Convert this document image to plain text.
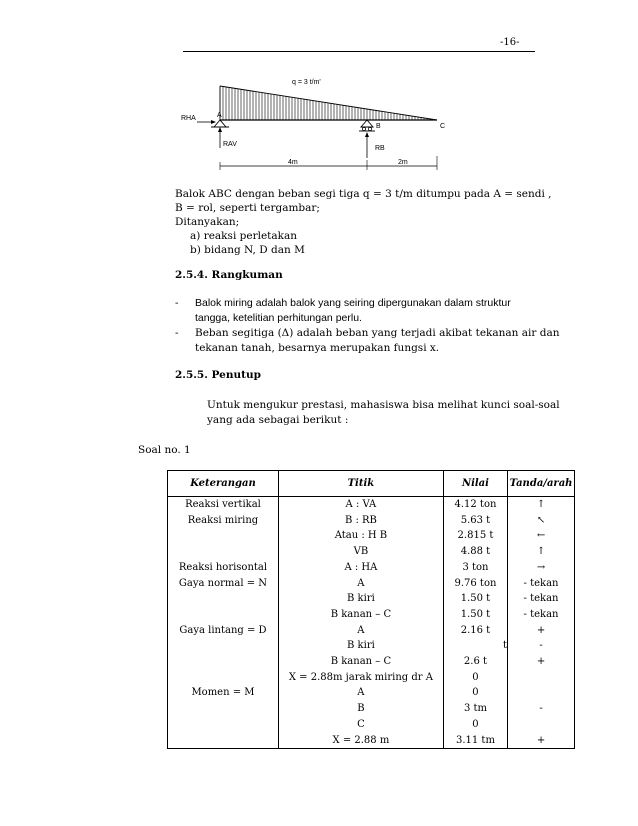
-16-
q = 3 t/m'
A
B	C
RHA
RAV
RB
4m	2m
Balok ABC dengan beban segi tiga q = 3 t/m ditumpu pada A = sendi ,
B = rol, seperti tergambar;
Ditanyakan;
a) reaksi perletakan
b) bidang N, D dan M
2.5.4. Rangkuman
- Balok miring adalah balok yang seiring dipergunakan dalam struktur
tangga, ketelitian perhitungan perlu.
- Beban segitiga (Δ) adalah beban yang terjadi akibat tekanan air dan
tekanan tanah, besarnya merupakan fungsi x.
2.5.5. Penutup
Untuk mengukur prestasi, mahasiswa bisa melihat kunci soal-soal
yang ada sebagai berikut :
Soal no. 1
Keterangan	Titik	Nilai	Tanda/arah
Reaksi vertikal	A : VA	4.12 ton	↑
Reaksi miring	B : RB	5.63 t	↖
	Atau : H B	2.815 t	←
	VB	4.88 t	↑
Reaksi horisontal	A : HA	3 ton	→

Gaya normal = N	A	9.76 ton	- tekan
	B kiri	1.50 t	- tekan
	B kanan – C	1.50 t	- tekan
Gaya lintang = D	A	2.16 t	+
	B kiri	t	-
	B kanan – C	2.6 t	+
	X = 2.88m jarak miring dr A	0	
Momen = M	A	0	
	B	3 tm	-
	C	0	
	X = 2.88 m	3.11 tm	+
